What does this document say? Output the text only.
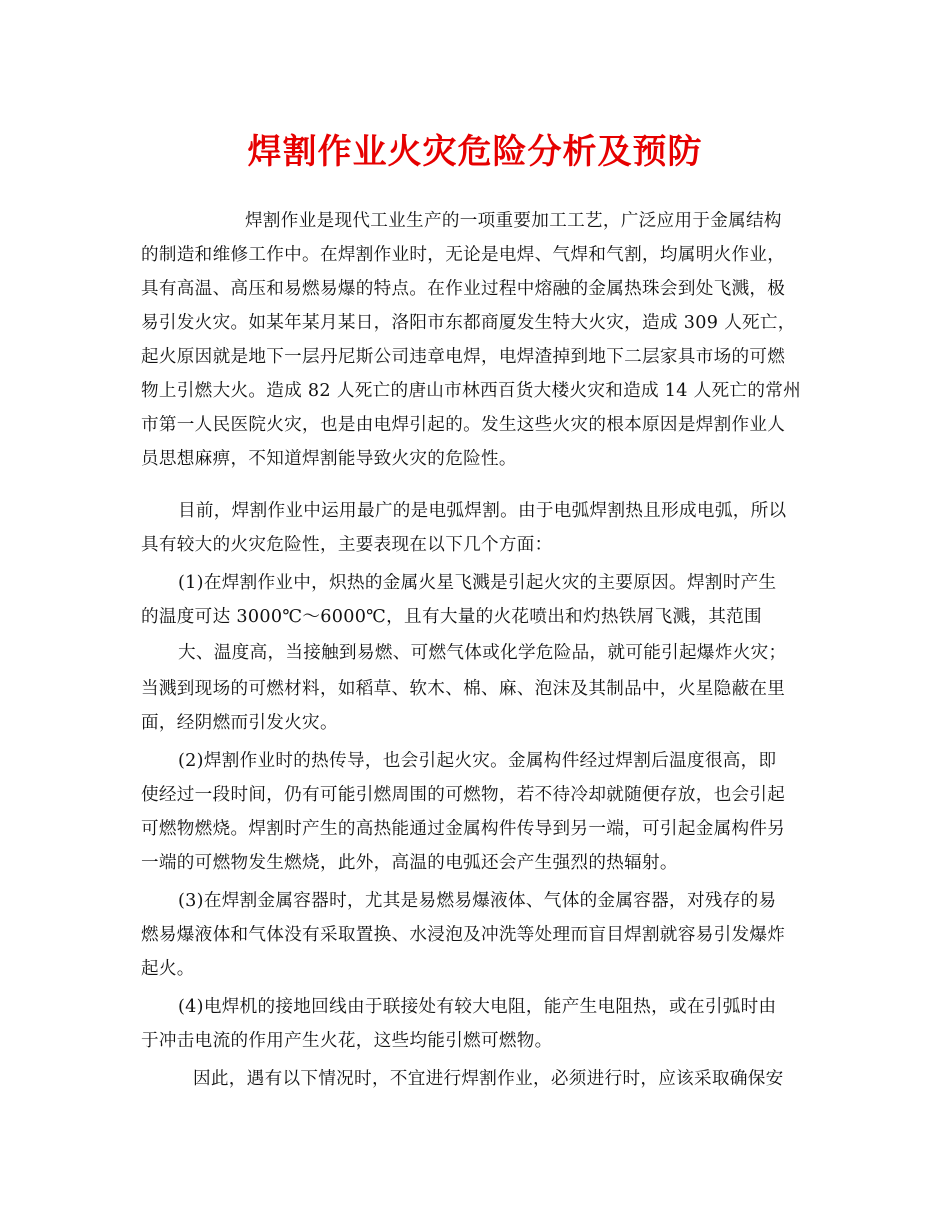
焊割作业火灾危险分析及预防
焊割作业是现代工业生产的一项重要加工工艺，广泛应用于金属结构
的制造和维修工作中。在焊割作业时，无论是电焊、气焊和气割，均属明火作业，
具有高温、高压和易燃易爆的特点。在作业过程中熔融的金属热珠会到处飞溅，极
易引发火灾。如某年某月某日，洛阳市东都商厦发生特大火灾，造成 309 人死亡，
起火原因就是地下一层丹尼斯公司违章电焊，电焊渣掉到地下二层家具市场的可燃
物上引燃大火。造成 82 人死亡的唐山市林西百货大楼火灾和造成 14 人死亡的常州
市第一人民医院火灾，也是由电焊引起的。发生这些火灾的根本原因是焊割作业人
员思想麻痹，不知道焊割能导致火灾的危险性。
目前，焊割作业中运用最广的是电弧焊割。由于电弧焊割热且形成电弧，所以
具有较大的火灾危险性，主要表现在以下几个方面：
(1)在焊割作业中，炽热的金属火星飞溅是引起火灾的主要原因。焊割时产生
的温度可达 3000℃～6000℃，且有大量的火花喷出和灼热铁屑飞溅，其范围
大、温度高，当接触到易燃、可燃气体或化学危险品，就可能引起爆炸火灾；
当溅到现场的可燃材料，如稻草、软木、棉、麻、泡沫及其制品中，火星隐蔽在里
面，经阴燃而引发火灾。
(2)焊割作业时的热传导，也会引起火灾。金属构件经过焊割后温度很高，即
使经过一段时间，仍有可能引燃周围的可燃物，若不待冷却就随便存放，也会引起
可燃物燃烧。焊割时产生的高热能通过金属构件传导到另一端，可引起金属构件另
一端的可燃物发生燃烧，此外，高温的电弧还会产生强烈的热辐射。
(3)在焊割金属容器时，尤其是易燃易爆液体、气体的金属容器，对残存的易
燃易爆液体和气体没有采取置换、水浸泡及冲洗等处理而盲目焊割就容易引发爆炸
起火。
(4)电焊机的接地回线由于联接处有较大电阻，能产生电阻热，或在引弧时由
于冲击电流的作用产生火花，这些均能引燃可燃物。
因此，遇有以下情况时，不宜进行焊割作业，必须进行时，应该采取确保安
